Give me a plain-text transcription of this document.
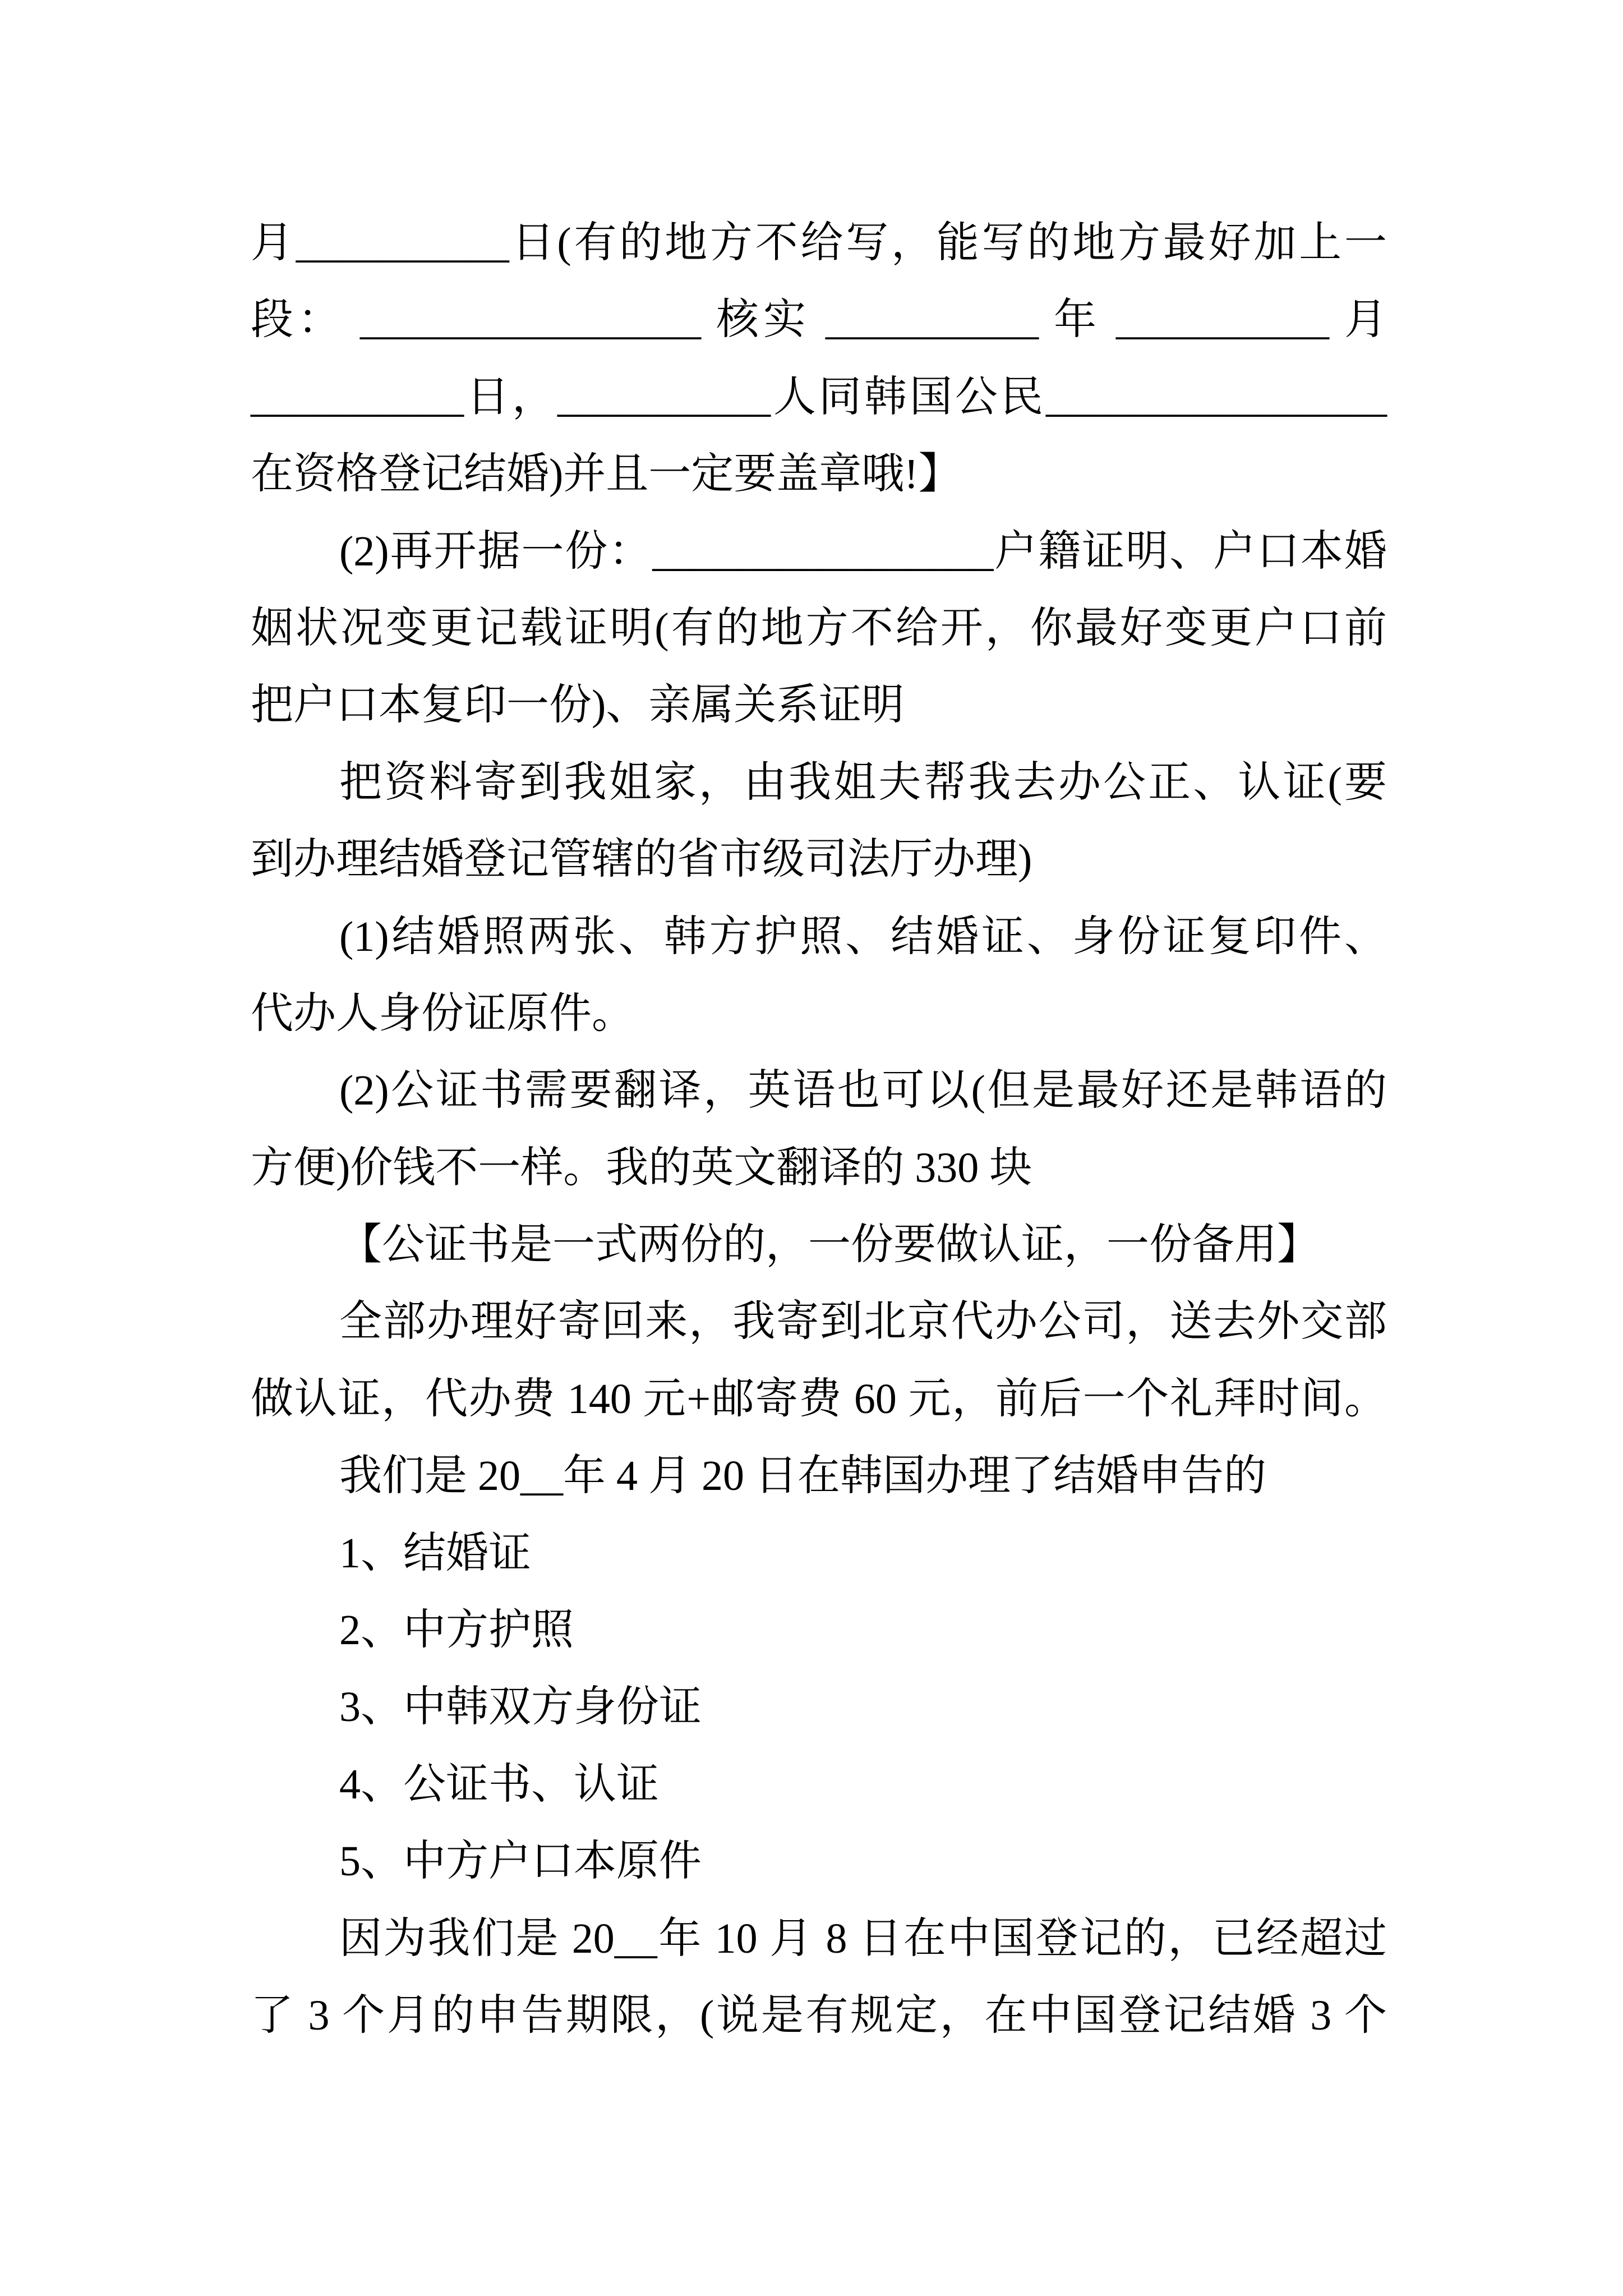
月__________日(有的地方不给写，能写的地方最好加上一
段： ________________ 核实 __________ 年 __________ 月
__________日，__________人同韩国公民________________
在资格登记结婚)并且一定要盖章哦!】
(2)再开据一份：________________户籍证明、户口本婚
姻状况变更记载证明(有的地方不给开，你最好变更户口前
把户口本复印一份)、亲属关系证明
把资料寄到我姐家，由我姐夫帮我去办公正、认证(要
到办理结婚登记管辖的省市级司法厅办理)
(1)结婚照两张、韩方护照、结婚证、身份证复印件、
代办人身份证原件。
(2)公证书需要翻译，英语也可以(但是最好还是韩语的
方便)价钱不一样。我的英文翻译的 330 块
【公证书是一式两份的，一份要做认证，一份备用】
全部办理好寄回来，我寄到北京代办公司，送去外交部
做认证，代办费 140 元+邮寄费 60 元，前后一个礼拜时间。
我们是 20__年 4 月 20 日在韩国办理了结婚申告的
1、结婚证
2、中方护照
3、中韩双方身份证
4、公证书、认证
5、中方户口本原件
因为我们是 20__年 10 月 8 日在中国登记的，已经超过
了 3 个月的申告期限，(说是有规定，在中国登记结婚 3 个
